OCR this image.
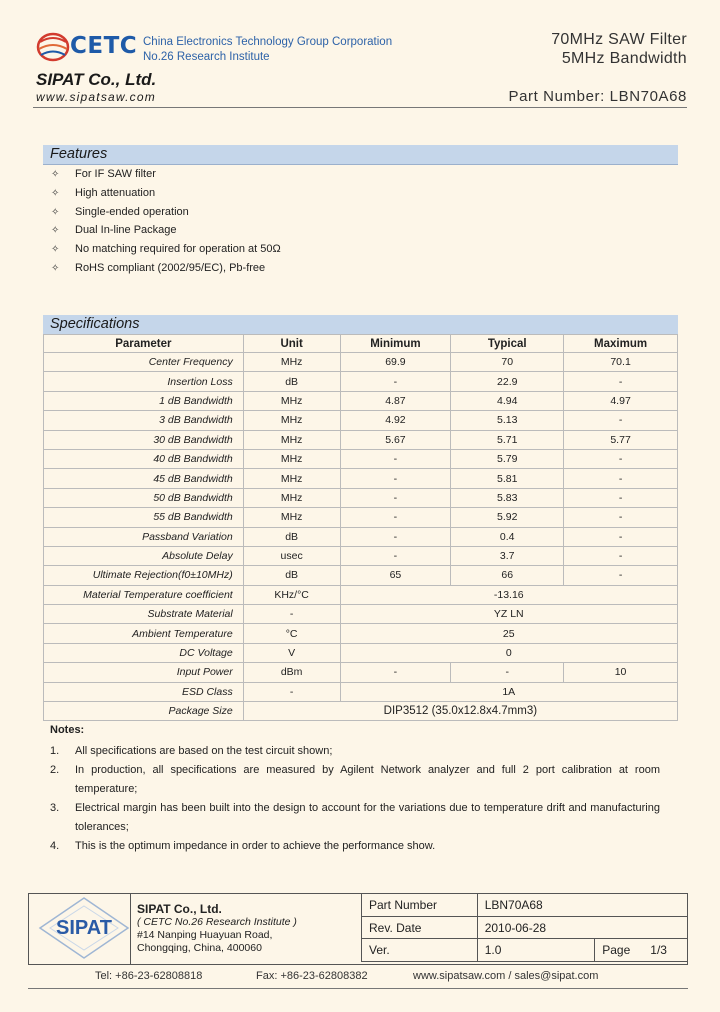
CETC China Electronics Technology Group Corporation
No.26 Research Institute
70MHz SAW Filter
5MHz Bandwidth
SIPAT Co., Ltd.
www.sipatsaw.com	Part Number: LBN70A68
Features
✧ For IF SAW filter
✧ High attenuation
✧ Single-ended operation
✧ Dual In-line Package
✧ No matching required for operation at 50Ω
✧ RoHS compliant (2002/95/EC), Pb-free
Specifications
Parameter	Unit	Minimum	Typical	Maximum
Center Frequency	MHz	69.9	70	70.1
Insertion Loss	dB	-	22.9	-
1 dB Bandwidth	MHz	4.87	4.94	4.97
3 dB Bandwidth	MHz	4.92	5.13	-
30 dB Bandwidth	MHz	5.67	5.71	5.77
40 dB Bandwidth	MHz	-	5.79	-
45 dB Bandwidth	MHz	-	5.81	-
50 dB Bandwidth	MHz	-	5.83	-
55 dB Bandwidth	MHz	-	5.92	-
Passband Variation	dB	-	0.4	-
Absolute Delay	usec	-	3.7	-
Ultimate Rejection(f0±10MHz)	dB	65	66	-
Material Temperature coefficient	KHz/°C	-13.16		
Substrate Material	-	YZ LN		
Ambient Temperature	°C	25		
DC Voltage	V	0		
Input Power	dBm	-	-	10
ESD Class	-	1A		
Package Size	DIP3512 (35.0x12.8x4.7mm3)			
Notes:
1. All specifications are based on the test circuit shown;
2. In production, all specifications are measured by Agilent Network analyzer and full 2 port calibration at room temperature;
3. Electrical margin has been built into the design to account for the variations due to temperature drift and manufacturing tolerances;
4. This is the optimum impedance in order to achieve the performance show.
SIPAT
SIPAT Co., Ltd.
( CETC No.26 Research Institute )
#14 Nanping Huayuan Road,
Chongqing, China, 400060
Part Number	LBN70A68	
Rev. Date	2010-06-28	
Ver.	1.0	Page 1/3
Tel: +86-23-62808818	Fax: +86-23-62808382	www.sipatsaw.com / sales@sipat.com
